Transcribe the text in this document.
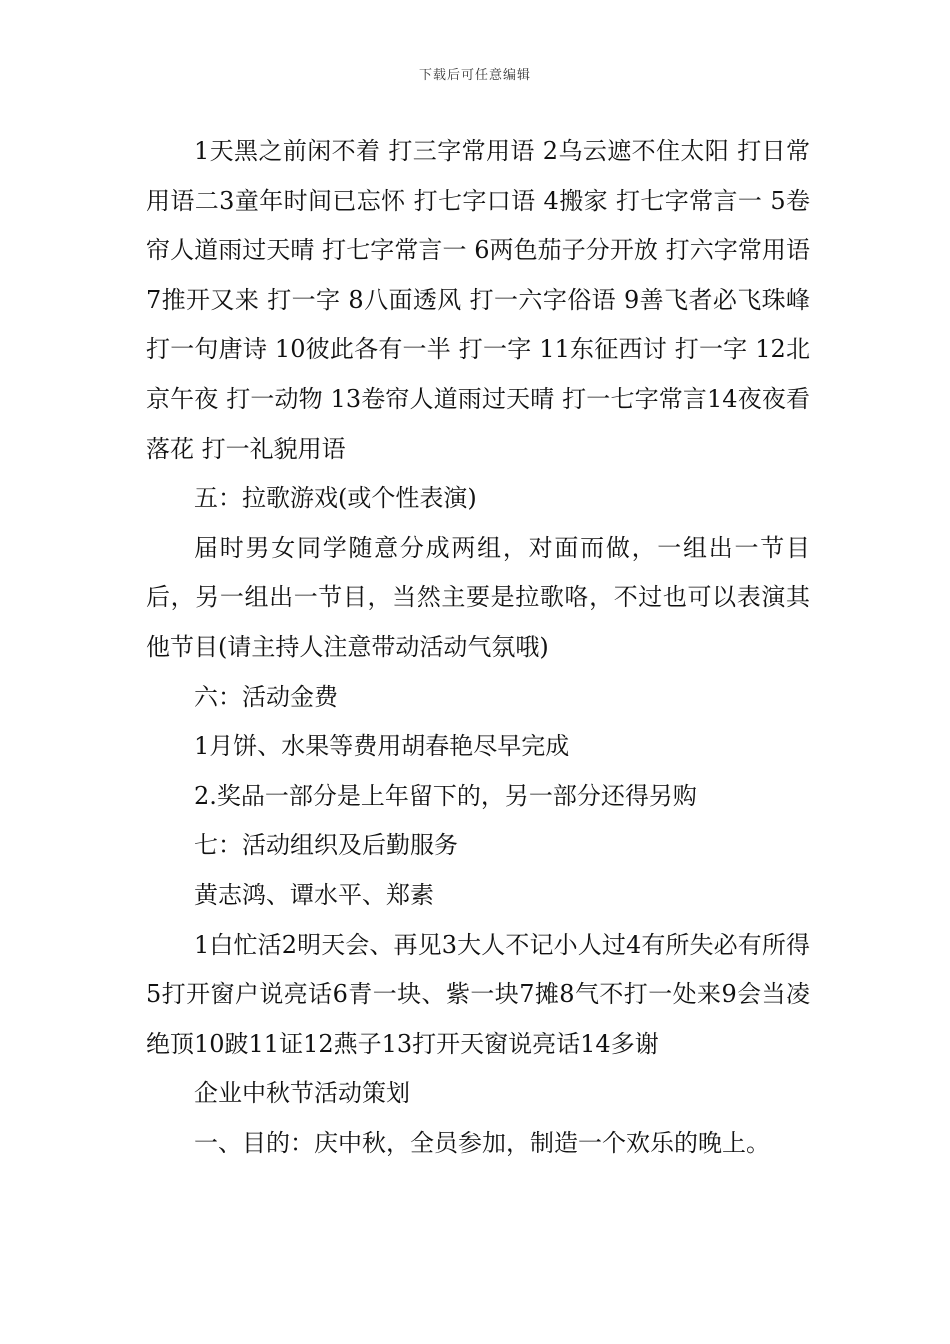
下载后可任意编辑

1天黑之前闲不着 打三字常用语 2乌云遮不住太阳 打日常用语二3童年时间已忘怀 打七字口语 4搬家 打七字常言一 5卷帘人道雨过天晴 打七字常言一 6两色茄子分开放 打六字常用语 7推开又来 打一字 8八面透风 打一六字俗语 9善飞者必飞珠峰 打一句唐诗 10彼此各有一半 打一字 11东征西讨 打一字 12北京午夜 打一动物 13卷帘人道雨过天晴 打一七字常言14夜夜看落花 打一礼貌用语

五：拉歌游戏(或个性表演)

届时男女同学随意分成两组，对面而做，一组出一节目后，另一组出一节目，当然主要是拉歌咯，不过也可以表演其他节目(请主持人注意带动活动气氛哦)

六：活动金费

1月饼、水果等费用胡春艳尽早完成

2.奖品一部分是上年留下的，另一部分还得另购

七：活动组织及后勤服务

黄志鸿、谭水平、郑素

1白忙活2明天会、再见3大人不记小人过4有所失必有所得5打开窗户说亮话6青一块、紫一块7摊8气不打一处来9会当凌绝顶10跛11证12燕子13打开天窗说亮话14多谢

企业中秋节活动策划

一、目的：庆中秋，全员参加，制造一个欢乐的晚上。
